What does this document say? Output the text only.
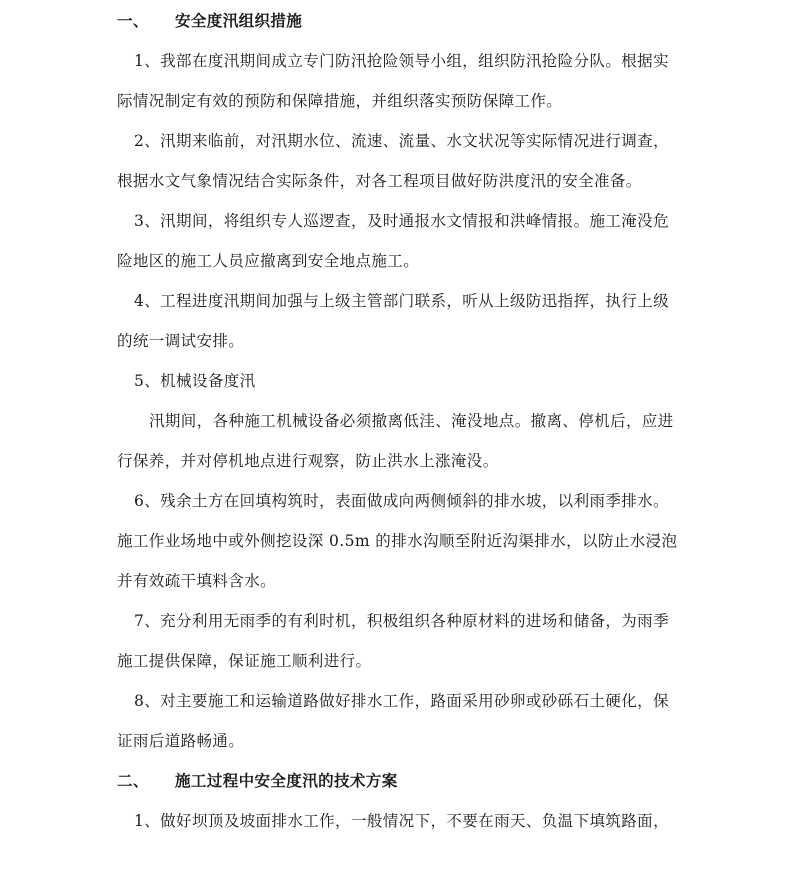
一、 安全度汛组织措施
1、我部在度汛期间成立专门防汛抢险领导小组，组织防汛抢险分队。根据实
际情况制定有效的预防和保障措施，并组织落实预防保障工作。
2、汛期来临前，对汛期水位、流速、流量、水文状况等实际情况进行调查，
根据水文气象情况结合实际条件，对各工程项目做好防洪度汛的安全准备。
3、汛期间，将组织专人巡逻查，及时通报水文情报和洪峰情报。施工淹没危
险地区的施工人员应撤离到安全地点施工。
4、工程进度汛期间加强与上级主管部门联系，听从上级防迅指挥，执行上级
的统一调试安排。
5、机械设备度汛
汛期间，各种施工机械设备必须撤离低洼、淹没地点。撤离、停机后，应进
行保养，并对停机地点进行观察，防止洪水上涨淹没。
6、残余土方在回填构筑时，表面做成向两侧倾斜的排水坡，以利雨季排水。
施工作业场地中或外侧挖设深 0.5m 的排水沟顺至附近沟渠排水，以防止水浸泡
并有效疏干填料含水。
7、充分利用无雨季的有利时机，积极组织各种原材料的进场和储备，为雨季
施工提供保障，保证施工顺利进行。
8、对主要施工和运输道路做好排水工作，路面采用砂卵或砂砾石土硬化，保
证雨后道路畅通。
二、 施工过程中安全度汛的技术方案
1、做好坝顶及坡面排水工作，一般情况下，不要在雨天、负温下填筑路面，
